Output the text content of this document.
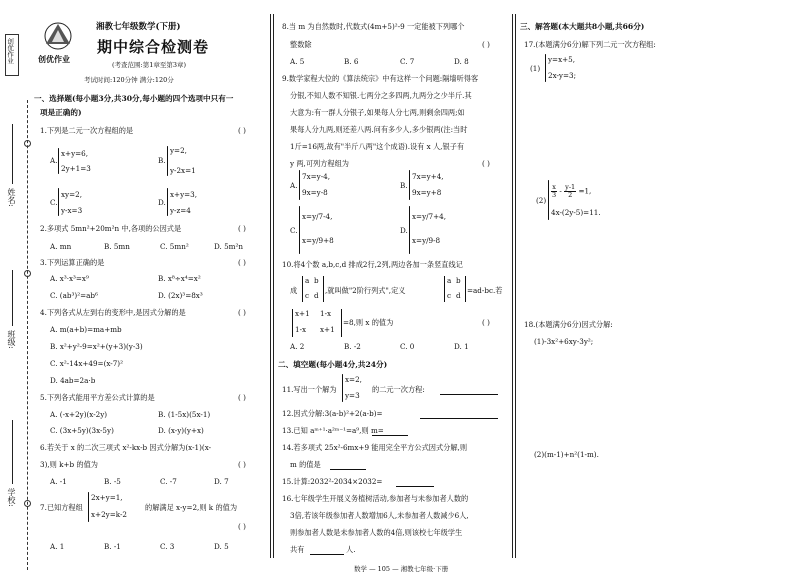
创优作业
姓名:
班级:
学校:
创优作业
湘教七年级数学(下册)
期中综合检测卷
(考查范围:第1章至第3章)
考试时间:120分钟 满分:120分
一、选择题(每小题3分,共30分,每小题的四个选项中只有一
项是正确的)
1.下列是二元一次方程组的是	( )
A.
x+y=6,
2y+1=3
B.
y=2,
y-2x=1
C.
xy=2,
y-x=3
D.
x+y=3,
y-z=4
2.多项式 5mn²+20m²n 中,各项的公因式是	( )
A. mn	B. 5mn	C. 5mn²	D. 5m²n
3.下列运算正确的是	( )
A. x³·x³=x⁹	B. x⁸÷x⁴=x²
C. (ab³)²=ab⁶	D. (2x)³=8x³
4.下列各式从左到右的变形中,是因式分解的是	( )
A. m(a+b)=ma+mb
B. x²+y²-9=x²+(y+3)(y-3)
C. x²-14x+49=(x-7)²
D. 4ab=2a·b
5.下列各式能用平方差公式计算的是	( )
A. (-x+2y)(x-2y)	B. (1-5x)(5x-1)
C. (3x+5y)(3x-5y)	D. (x-y)(y+x)
6.若关于 x 的二次三项式 x²-kx-b 因式分解为(x-1)(x-
3),则 k+b 的值为	( )
A. -1	B. -5	C. -7	D. 7
7.已知方程组
2x+y=1,
x+2y=k-2
的解满足 x-y=2,则 k 的值为
( )
A. 1	B. -1	C. 3	D. 5
8.当 m 为自然数时,代数式(4m+5)²-9 一定能被下列哪个
整数除	( )
A. 5	B. 6	C. 7	D. 8
9.数学家程大位的《算法统宗》中有这样一个问题:隔墙听得客
分银,不知人数不知银.七两分之多四两,九两分之少半斤.其
大意为:有一群人分银子,如果每人分七两,则剩余四两;如
果每人分九两,则还差八两.问有多少人,多少银两(注:当时
1斤=16两,故有"半斤八两"这个成语).设有 x 人,银子有
y 两,可列方程组为	( )
A.
7x=y-4,
9x=y-8
B.
7x=y+4,
9x=y+8
C.
x=y/7-4,
x=y/9+8
D.
x=y/7+4,
x=y/9-8
10.将4个数 a,b,c,d 排成2行,2列,两边各加一条竖直线记
成
a b
c d
,就叫做"2阶行列式",定义
a b
c d
=ad-bc.若
x+1 1-x
1-x x+1
=8,则 x 的值为	( )
A. 2	B. -2	C. 0	D. 1
二、填空题(每小题4分,共24分)
11.写出一个解为
x=2,
y=3
的二元一次方程:
12.因式分解:3(a-b)²+2(a-b)=
13.已知 aᵐ⁺¹·a²ᵐ⁻¹=a⁹,则 m=
14.若多项式 25x²-6mx+9 能用完全平方公式因式分解,则
m 的值是
15.计算:2032²-2034×2032=
16.七年级学生开展义务植树活动,参加者与未参加者人数的
3倍,若该年级参加者人数增加6人,未参加者人数减少6人,
则参加者人数是未参加者人数的4倍,则该校七年级学生
共有	人.
三、解答题(本大题共8小题,共66分)
17.(本题满分6分)解下列二元一次方程组:
(1)
y=x+5,
2x-y=3;
(2)
$\frac{x}{3} - \frac{y-1}{2} =1$,
4x-(2y-5)=11.
18.(本题满分6分)因式分解:
(1)-3x²+6xy-3y²;
(2)(m-1)+n²(1-m).
数学 — 105 — 湘教七年级·下册
